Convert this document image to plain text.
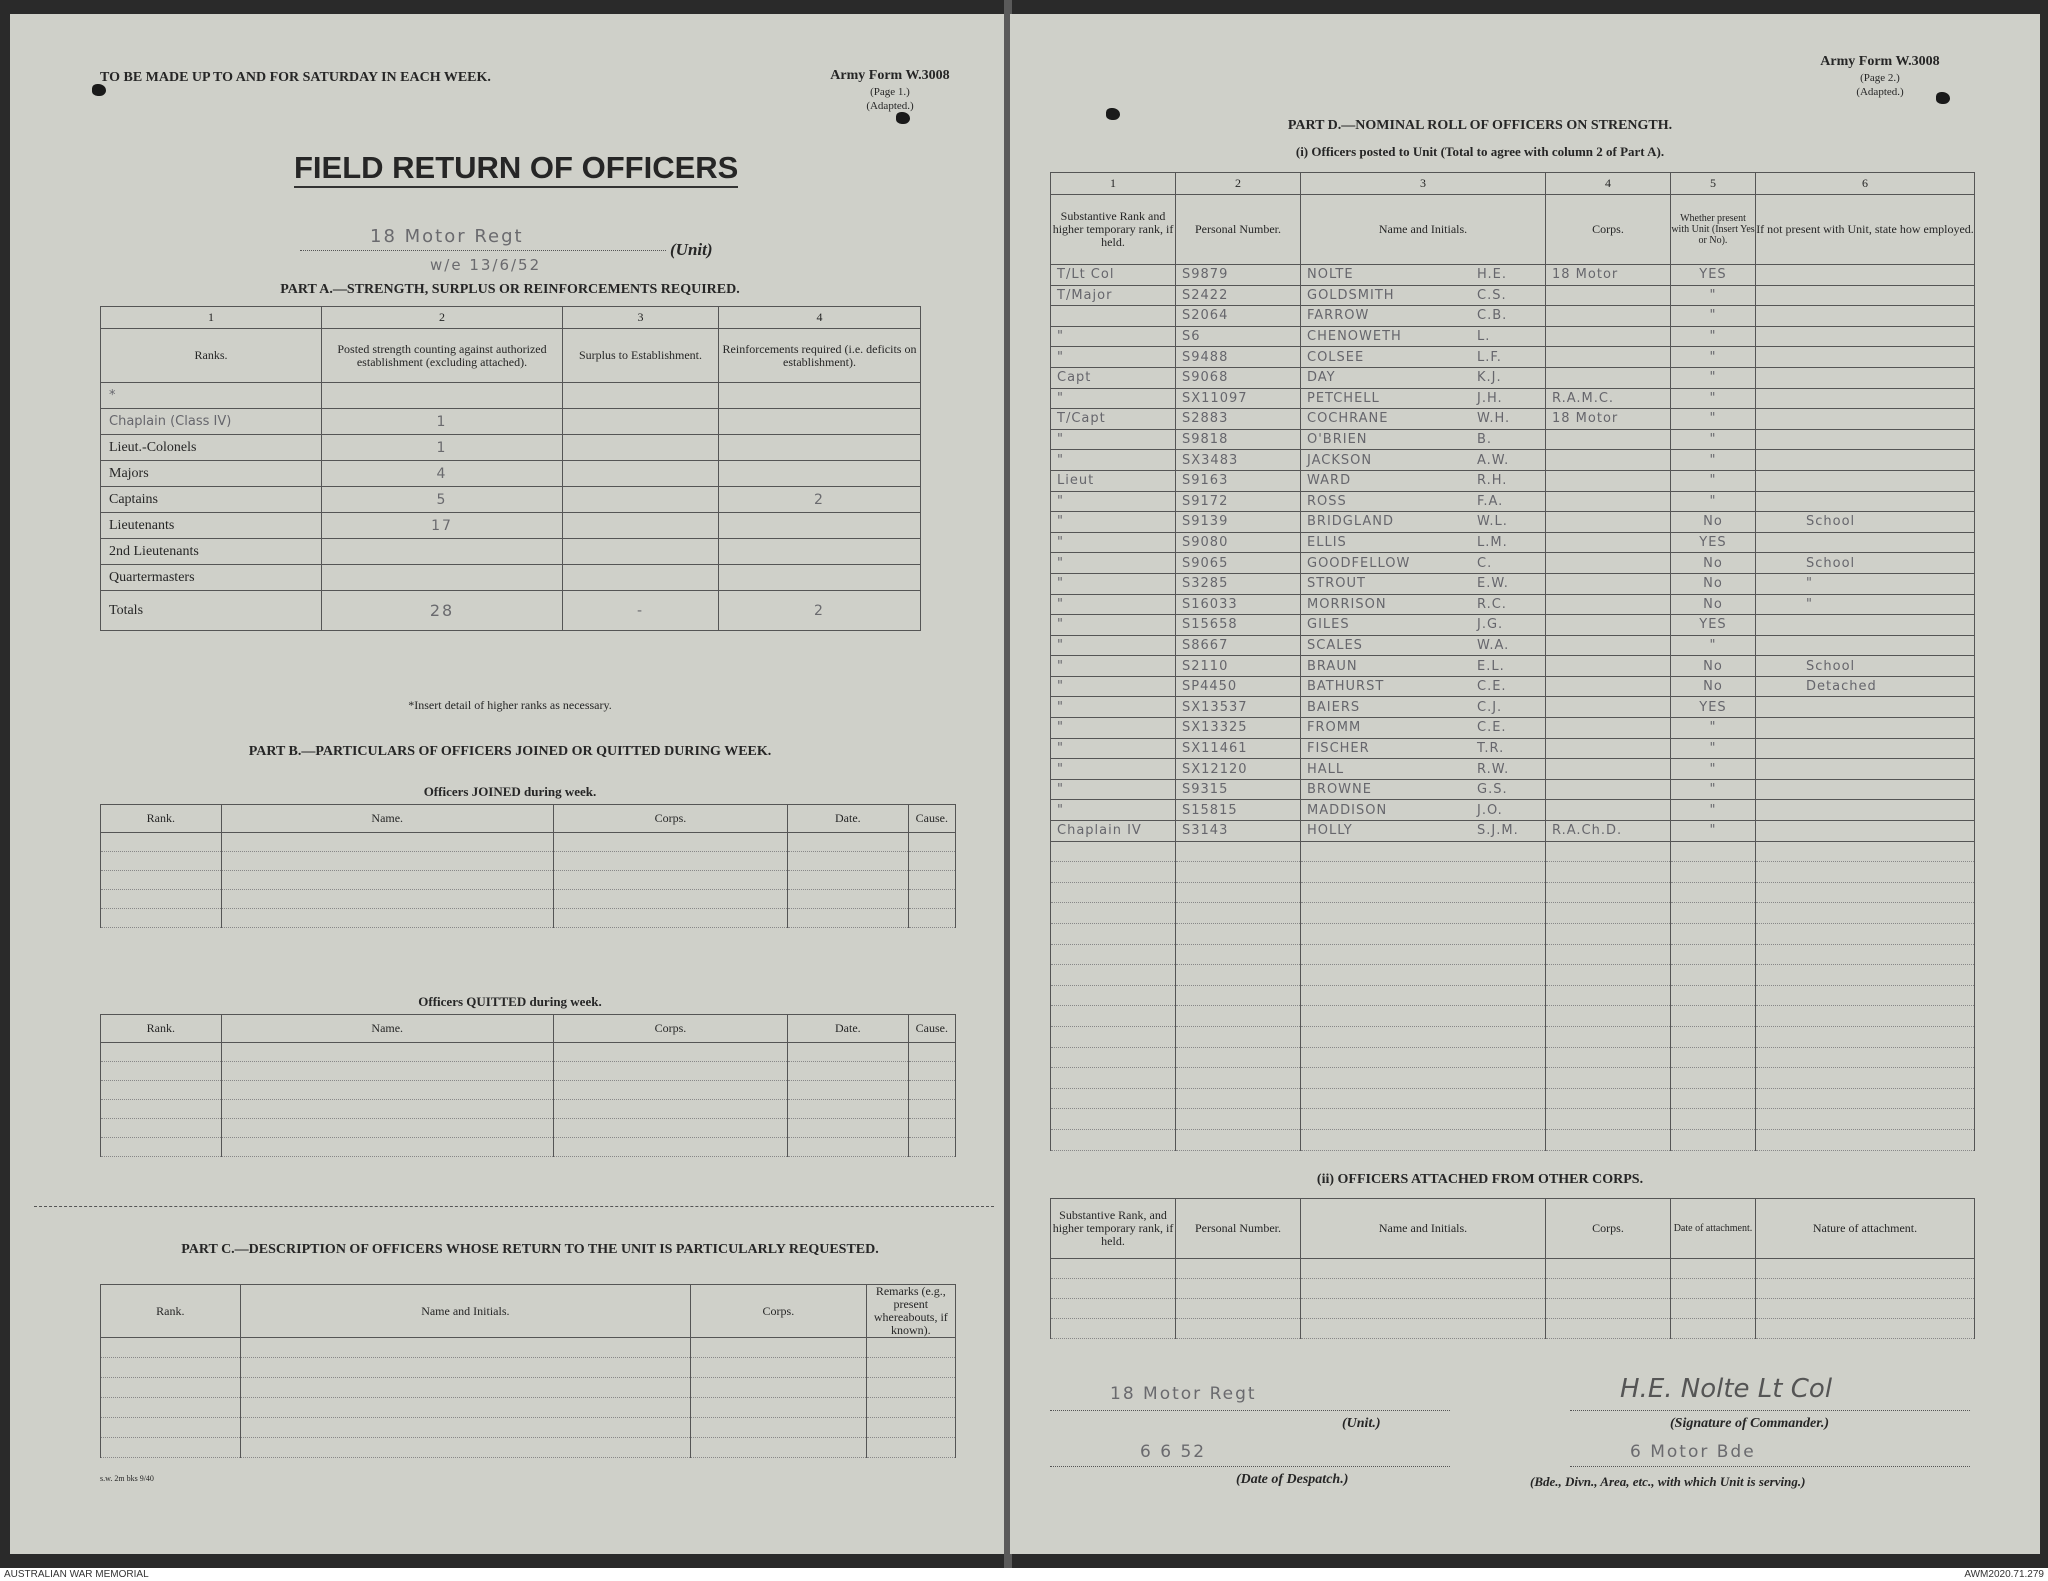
TO BE MADE UP TO AND FOR SATURDAY IN EACH WEEK.	Army Form W.3008
(Page 1.)
(Adapted.)
FIELD RETURN OF OFFICERS
18 Motor Regt
(Unit)
w/e 13/6/52
PART A.—STRENGTH, SURPLUS OR REINFORCEMENTS REQUIRED.
1	2	3	4
Ranks.	Posted strength counting against authorized establishment (excluding attached).	Surplus to Establishment.	Reinforcements required (i.e. deficits on establishment).
*			
Chaplain (Class IV)	1		
Lieut.-Colonels	1		
Majors	4		
Captains	5		2
Lieutenants	17		
2nd Lieutenants			
Quartermasters			
Totals	28	-	2
*Insert detail of higher ranks as necessary.
PART B.—PARTICULARS OF OFFICERS JOINED OR QUITTED DURING WEEK.
Officers JOINED during week.
Rank.	Name.	Corps.	Date.	Cause.

Officers QUITTED during week.
Rank.	Name.	Corps.	Date.	Cause.

PART C.—DESCRIPTION OF OFFICERS WHOSE RETURN TO THE UNIT IS PARTICULARLY REQUESTED.
Rank.	Name and Initials.	Corps.	Remarks (e.g., present whereabouts, if known).

s.w. 2m bks 9/40
Army Form W.3008
(Page 2.)
(Adapted.)
PART D.—NOMINAL ROLL OF OFFICERS ON STRENGTH.
(i) Officers posted to Unit (Total to agree with column 2 of Part A).
1	2	3	4	5	6
Substantive Rank and higher temporary rank, if held.	Personal Number.	Name and Initials.	Corps.	Whether present with Unit (Insert Yes or No).	If not present with Unit, state how employed.
T/Lt Col	S9879	NOLTE H.E.	18 Motor	YES	
T/Major	S2422	GOLDSMITH C.S.		"	
	S2064	FARROW C.B.		"	
"	S6	CHENOWETH L.		"	
"	S9488	COLSEE L.F.		"	
Capt	S9068	DAY K.J.		"	
"	SX11097	PETCHELL J.H.	R.A.M.C.	"	
T/Capt	S2883	COCHRANE W.H.	18 Motor	"	
"	S9818	O'BRIEN B.		"	
"	SX3483	JACKSON A.W.		"	
Lieut	S9163	WARD R.H.		"	
"	S9172	ROSS F.A.		"	
"	S9139	BRIDGLAND W.L.		No	School
"	S9080	ELLIS L.M.		YES	
"	S9065	GOODFELLOW C.		No	School
"	S3285	STROUT E.W.		No	"
"	S16033	MORRISON R.C.		No	"
"	S15658	GILES J.G.		YES	
"	S8667	SCALES W.A.		"	
"	S2110	BRAUN E.L.		No	School
"	SP4450	BATHURST C.E.		No	Detached
"	SX13537	BAIERS C.J.		YES	
"	SX13325	FROMM C.E.		"	
"	SX11461	FISCHER T.R.		"	
"	SX12120	HALL R.W.		"	
"	S9315	BROWNE G.S.		"	
"	S15815	MADDISON J.O.		"	
Chaplain IV	S3143	HOLLY S.J.M.	R.A.Ch.D.	"	

(ii) OFFICERS ATTACHED FROM OTHER CORPS.
Substantive Rank, and higher temporary rank, if held.	Personal Number.	Name and Initials.	Corps.	Date of attachment.	Nature of attachment.

18 Motor Regt
(Unit.)
H.E. Nolte Lt Col
(Signature of Commander.)
6 6 52
(Date of Despatch.)
6 Motor Bde
(Bde., Divn., Area, etc., with which Unit is serving.)
AUSTRALIAN WAR MEMORIAL	AWM2020.71.279
